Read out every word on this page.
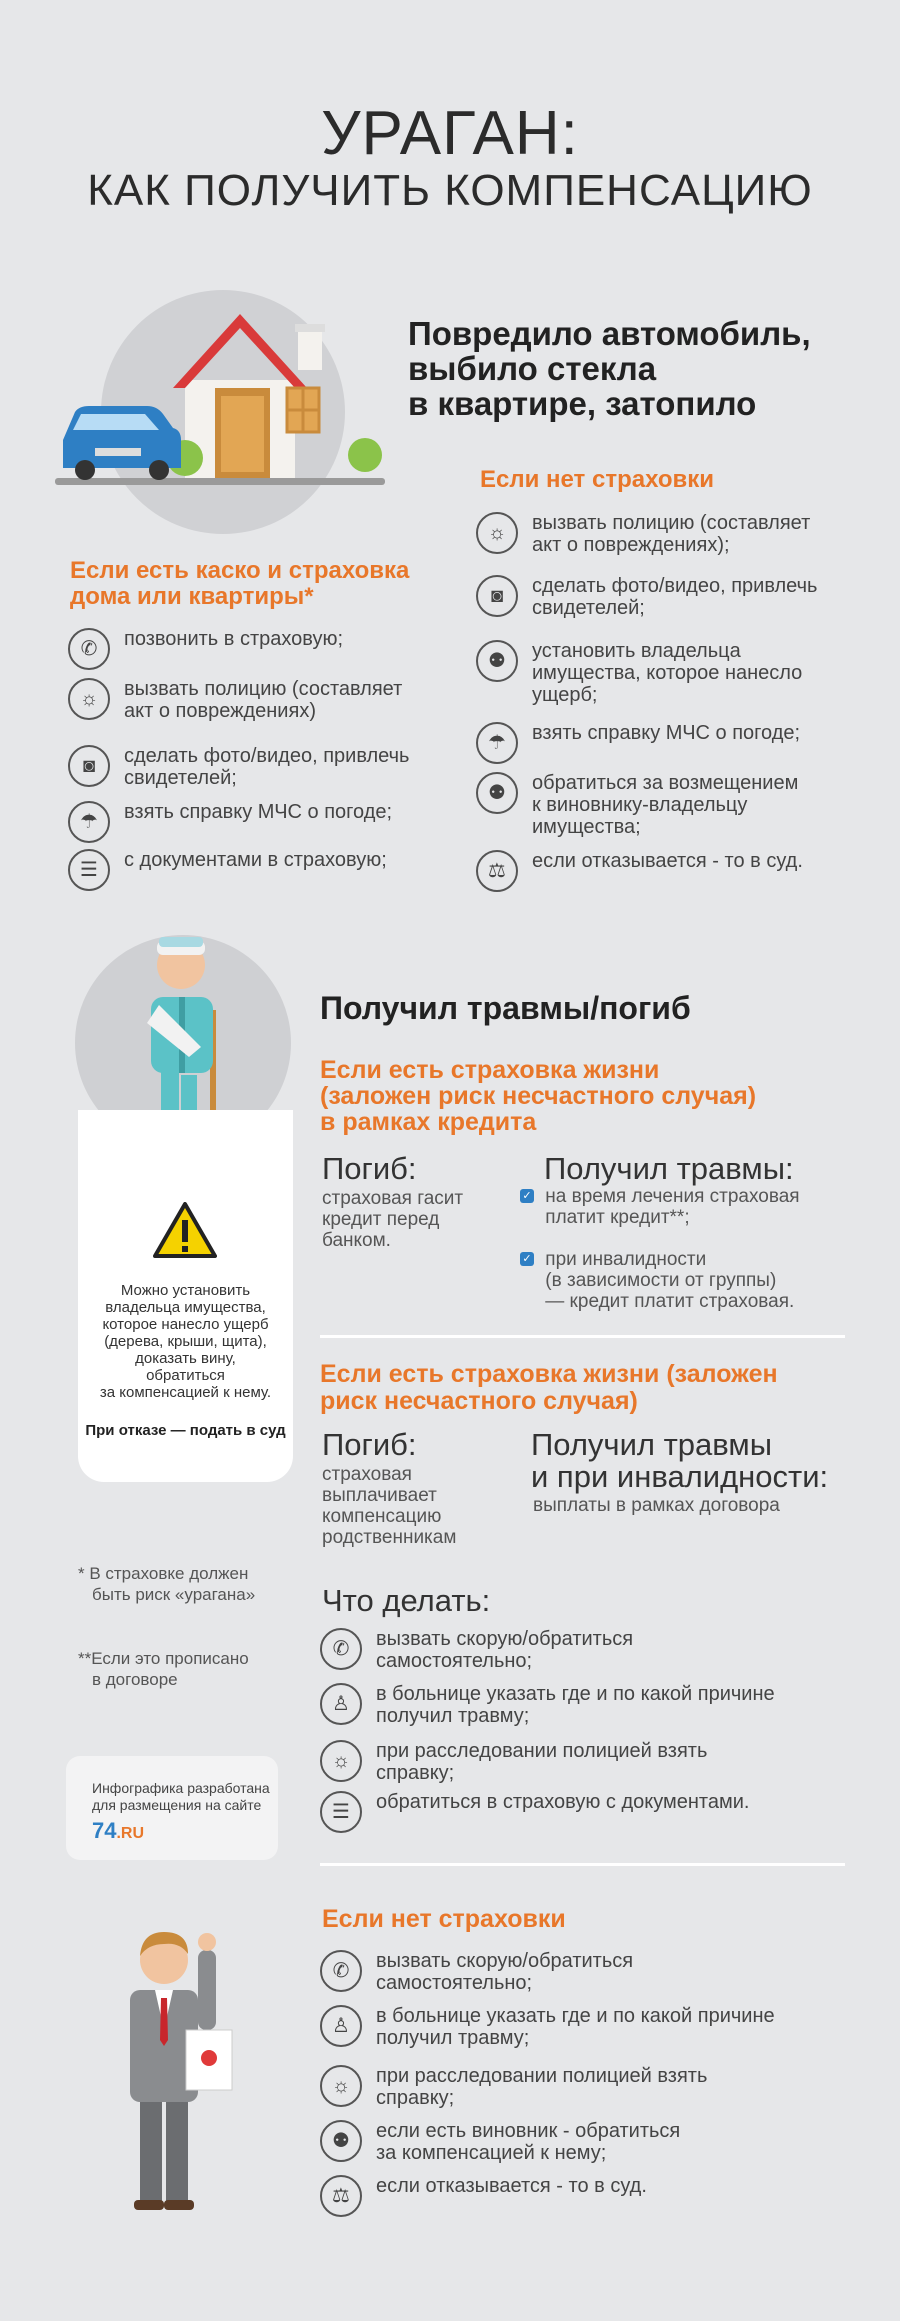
УРАГАН:
КАК ПОЛУЧИТЬ КОМПЕНСАЦИЮ
Повредило автомобиль,
выбило стекла
в квартире, затопило
Если есть каско и страховка
дома или квартиры*
✆	позвонить в страховую;
☼	вызвать полицию (составляет
акт о повреждениях)
◙	сделать фото/видео, привлечь
свидетелей;
☂	взять справку МЧС о погоде;
☰	с документами в страховую;
Если нет страховки
☼	вызвать полицию (составляет
акт о повреждениях);
◙	сделать фото/видео, привлечь
свидетелей;
⚉	установить владельца
имущества, которое нанесло
ущерб;
☂	взять справку МЧС о погоде;
⚉	обратиться за возмещением
к виновнику-владельцу
имущества;
⚖	если отказывается - то в суд.
Можно установить
владельца имущества,
которое нанесло ущерб
(дерева, крыши, щита),
доказать вину,
обратиться
за компенсацией к нему.
При отказе — подать в суд
Получил травмы/погиб
Если есть страховка жизни
(заложен риск несчастного случая)
в рамках кредита
Погиб:
страховая гасит
кредит перед
банком.
Получил травмы:
✓ на время лечения страховая
платит кредит**;
✓ при инвалидности
(в зависимости от группы)
— кредит платит страховая.
Если есть страховка жизни (заложен
риск несчастного случая)
Погиб:
страховая
выплачивает
компенсацию
родственникам
Получил травмы
и при инвалидности:
выплаты в рамках договора
* В страховке должен
быть риск «урагана»
**Если это прописано
в договоре
Инфографика разработана
для размещения на сайте
74.RU
Что делать:
✆	вызвать скорую/обратиться
самостоятельно;
♙	в больнице указать где и по какой причине
получил травму;
☼	при расследовании полицией взять
справку;
☰	обратиться в страховую с документами.
Если нет страховки
✆	вызвать скорую/обратиться
самостоятельно;
♙	в больнице указать где и по какой причине
получил травму;
☼	при расследовании полицией взять
справку;
⚉	если есть виновник - обратиться
за компенсацией к нему;
⚖	если отказывается - то в суд.
